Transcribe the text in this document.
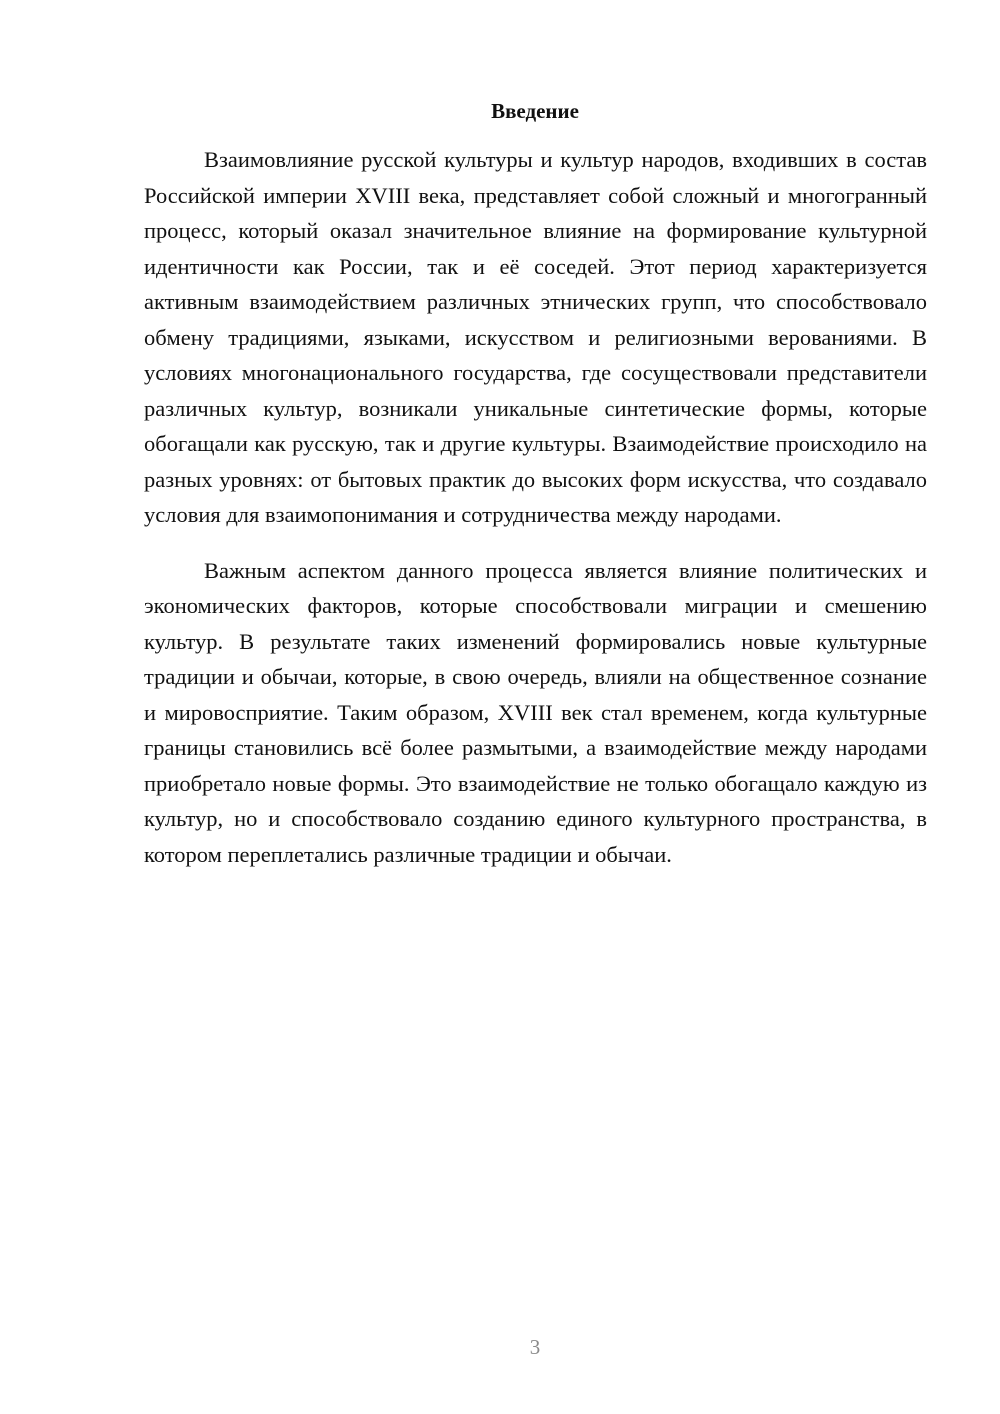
Введение

Взаимовлияние русской культуры и культур народов, входивших в состав Российской империи XVIII века, представляет собой сложный и многогранный процесс, который оказал значительное влияние на формирование культурной идентичности как России, так и её соседей. Этот период характеризуется активным взаимодействием различных этнических групп, что способствовало обмену традициями, языками, искусством и религиозными верованиями. В условиях многонационального государства, где сосуществовали представители различных культур, возникали уникальные синтетические формы, которые обогащали как русскую, так и другие культуры. Взаимодействие происходило на разных уровнях: от бытовых практик до высоких форм искусства, что создавало условия для взаимопонимания и сотрудничества между народами.

Важным аспектом данного процесса является влияние политических и экономических факторов, которые способствовали миграции и смешению культур. В результате таких изменений формировались новые культурные традиции и обычаи, которые, в свою очередь, влияли на общественное сознание и мировосприятие. Таким образом, XVIII век стал временем, когда культурные границы становились всё более размытыми, а взаимодействие между народами приобретало новые формы. Это взаимодействие не только обогащало каждую из культур, но и способствовало созданию единого культурного пространства, в котором переплетались различные традиции и обычаи.

3
